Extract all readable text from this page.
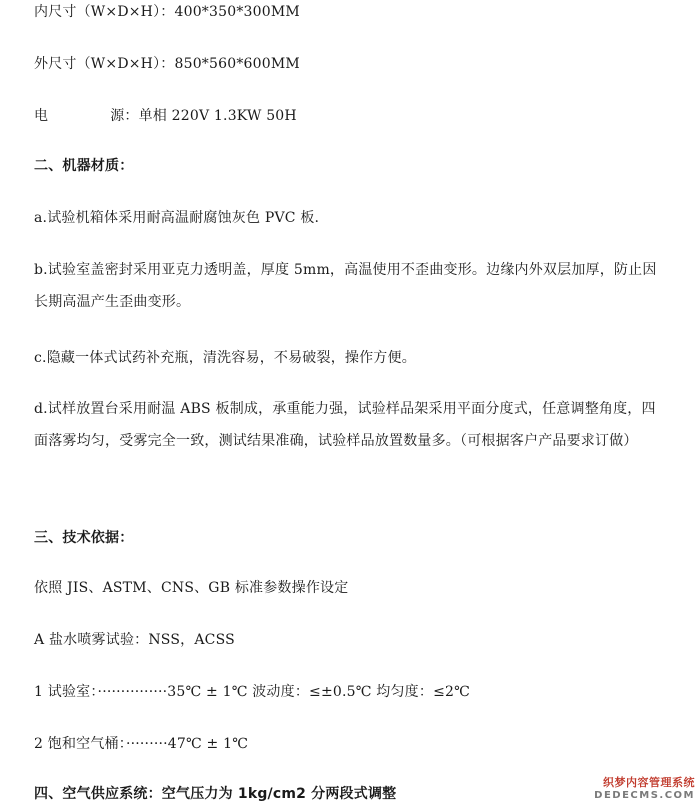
内尺寸（W×D×H）：400*350*300MM
外尺寸（W×D×H）：850*560*600MM
电	源：单相 220V 1.3KW 50H
二、机器材质：
a.试验机箱体采用耐高温耐腐蚀灰色 PVC 板.
b.试验室盖密封采用亚克力透明盖，厚度 5mm，高温使用不歪曲变形。边缘内外双层加厚，防止因长期高温产生歪曲变形。
c.隐藏一体式试药补充瓶，清洗容易，不易破裂，操作方便。
d.试样放置台采用耐温 ABS 板制成，承重能力强，试验样品架采用平面分度式，任意调整角度，四面落雾均匀，受雾完全一致，测试结果准确，试验样品放置数量多。（可根据客户产品要求订做）
三、技术依据：
依照 JIS、ASTM、CNS、GB 标准参数操作设定
A 盐水喷雾试验：NSS，ACSS
1 试验室：···············35℃ ± 1℃ 波动度：≤±0.5℃ 均匀度：≤2℃
2 饱和空气桶：·········47℃ ± 1℃
四、空气供应系统：空气压力为 1kg/cm2 分两段式调整
织梦内容管理系统
DEDECMS.COM
